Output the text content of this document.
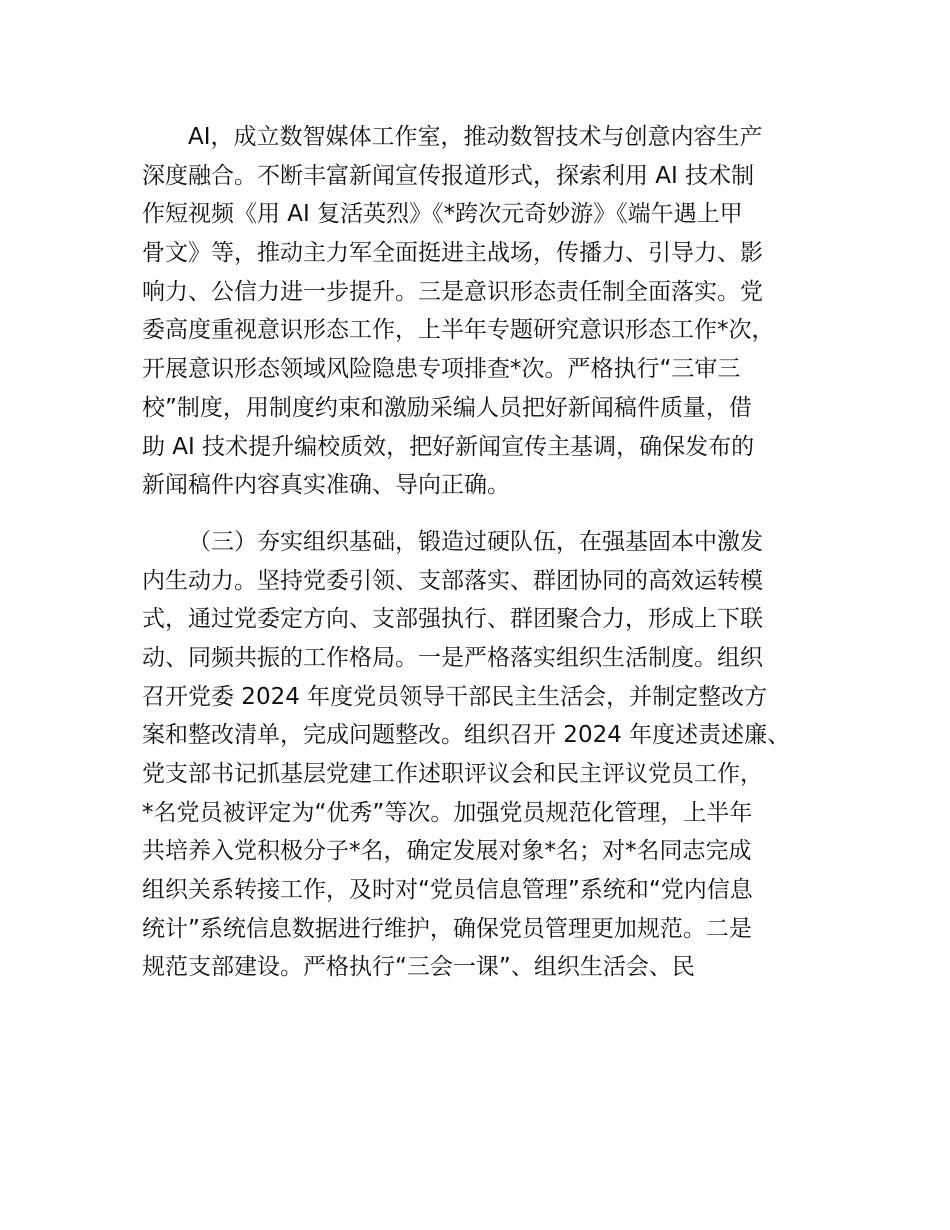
AI，成立数智媒体工作室，推动数智技术与创意内容生产
深度融合。不断丰富新闻宣传报道形式，探索利用 AI 技术制
作短视频《用 AI 复活英烈》《*跨次元奇妙游》《端午遇上甲
骨文》等，推动主力军全面挺进主战场，传播力、引导力、影
响力、公信力进一步提升。三是意识形态责任制全面落实。党
委高度重视意识形态工作，上半年专题研究意识形态工作*次，
开展意识形态领域风险隐患专项排查*次。严格执行“三审三
校”制度，用制度约束和激励采编人员把好新闻稿件质量，借
助 AI 技术提升编校质效，把好新闻宣传主基调，确保发布的
新闻稿件内容真实准确、导向正确。

（三）夯实组织基础，锻造过硬队伍，在强基固本中激发
内生动力。坚持党委引领、支部落实、群团协同的高效运转模
式，通过党委定方向、支部强执行、群团聚合力，形成上下联
动、同频共振的工作格局。一是严格落实组织生活制度。组织
召开党委 2024 年度党员领导干部民主生活会，并制定整改方
案和整改清单，完成问题整改。组织召开 2024 年度述责述廉、
党支部书记抓基层党建工作述职评议会和民主评议党员工作，
*名党员被评定为“优秀”等次。加强党员规范化管理，上半年
共培养入党积极分子*名，确定发展对象*名；对*名同志完成
组织关系转接工作，及时对“党员信息管理”系统和“党内信息
统计”系统信息数据进行维护，确保党员管理更加规范。二是
规范支部建设。严格执行“三会一课”、组织生活会、民
